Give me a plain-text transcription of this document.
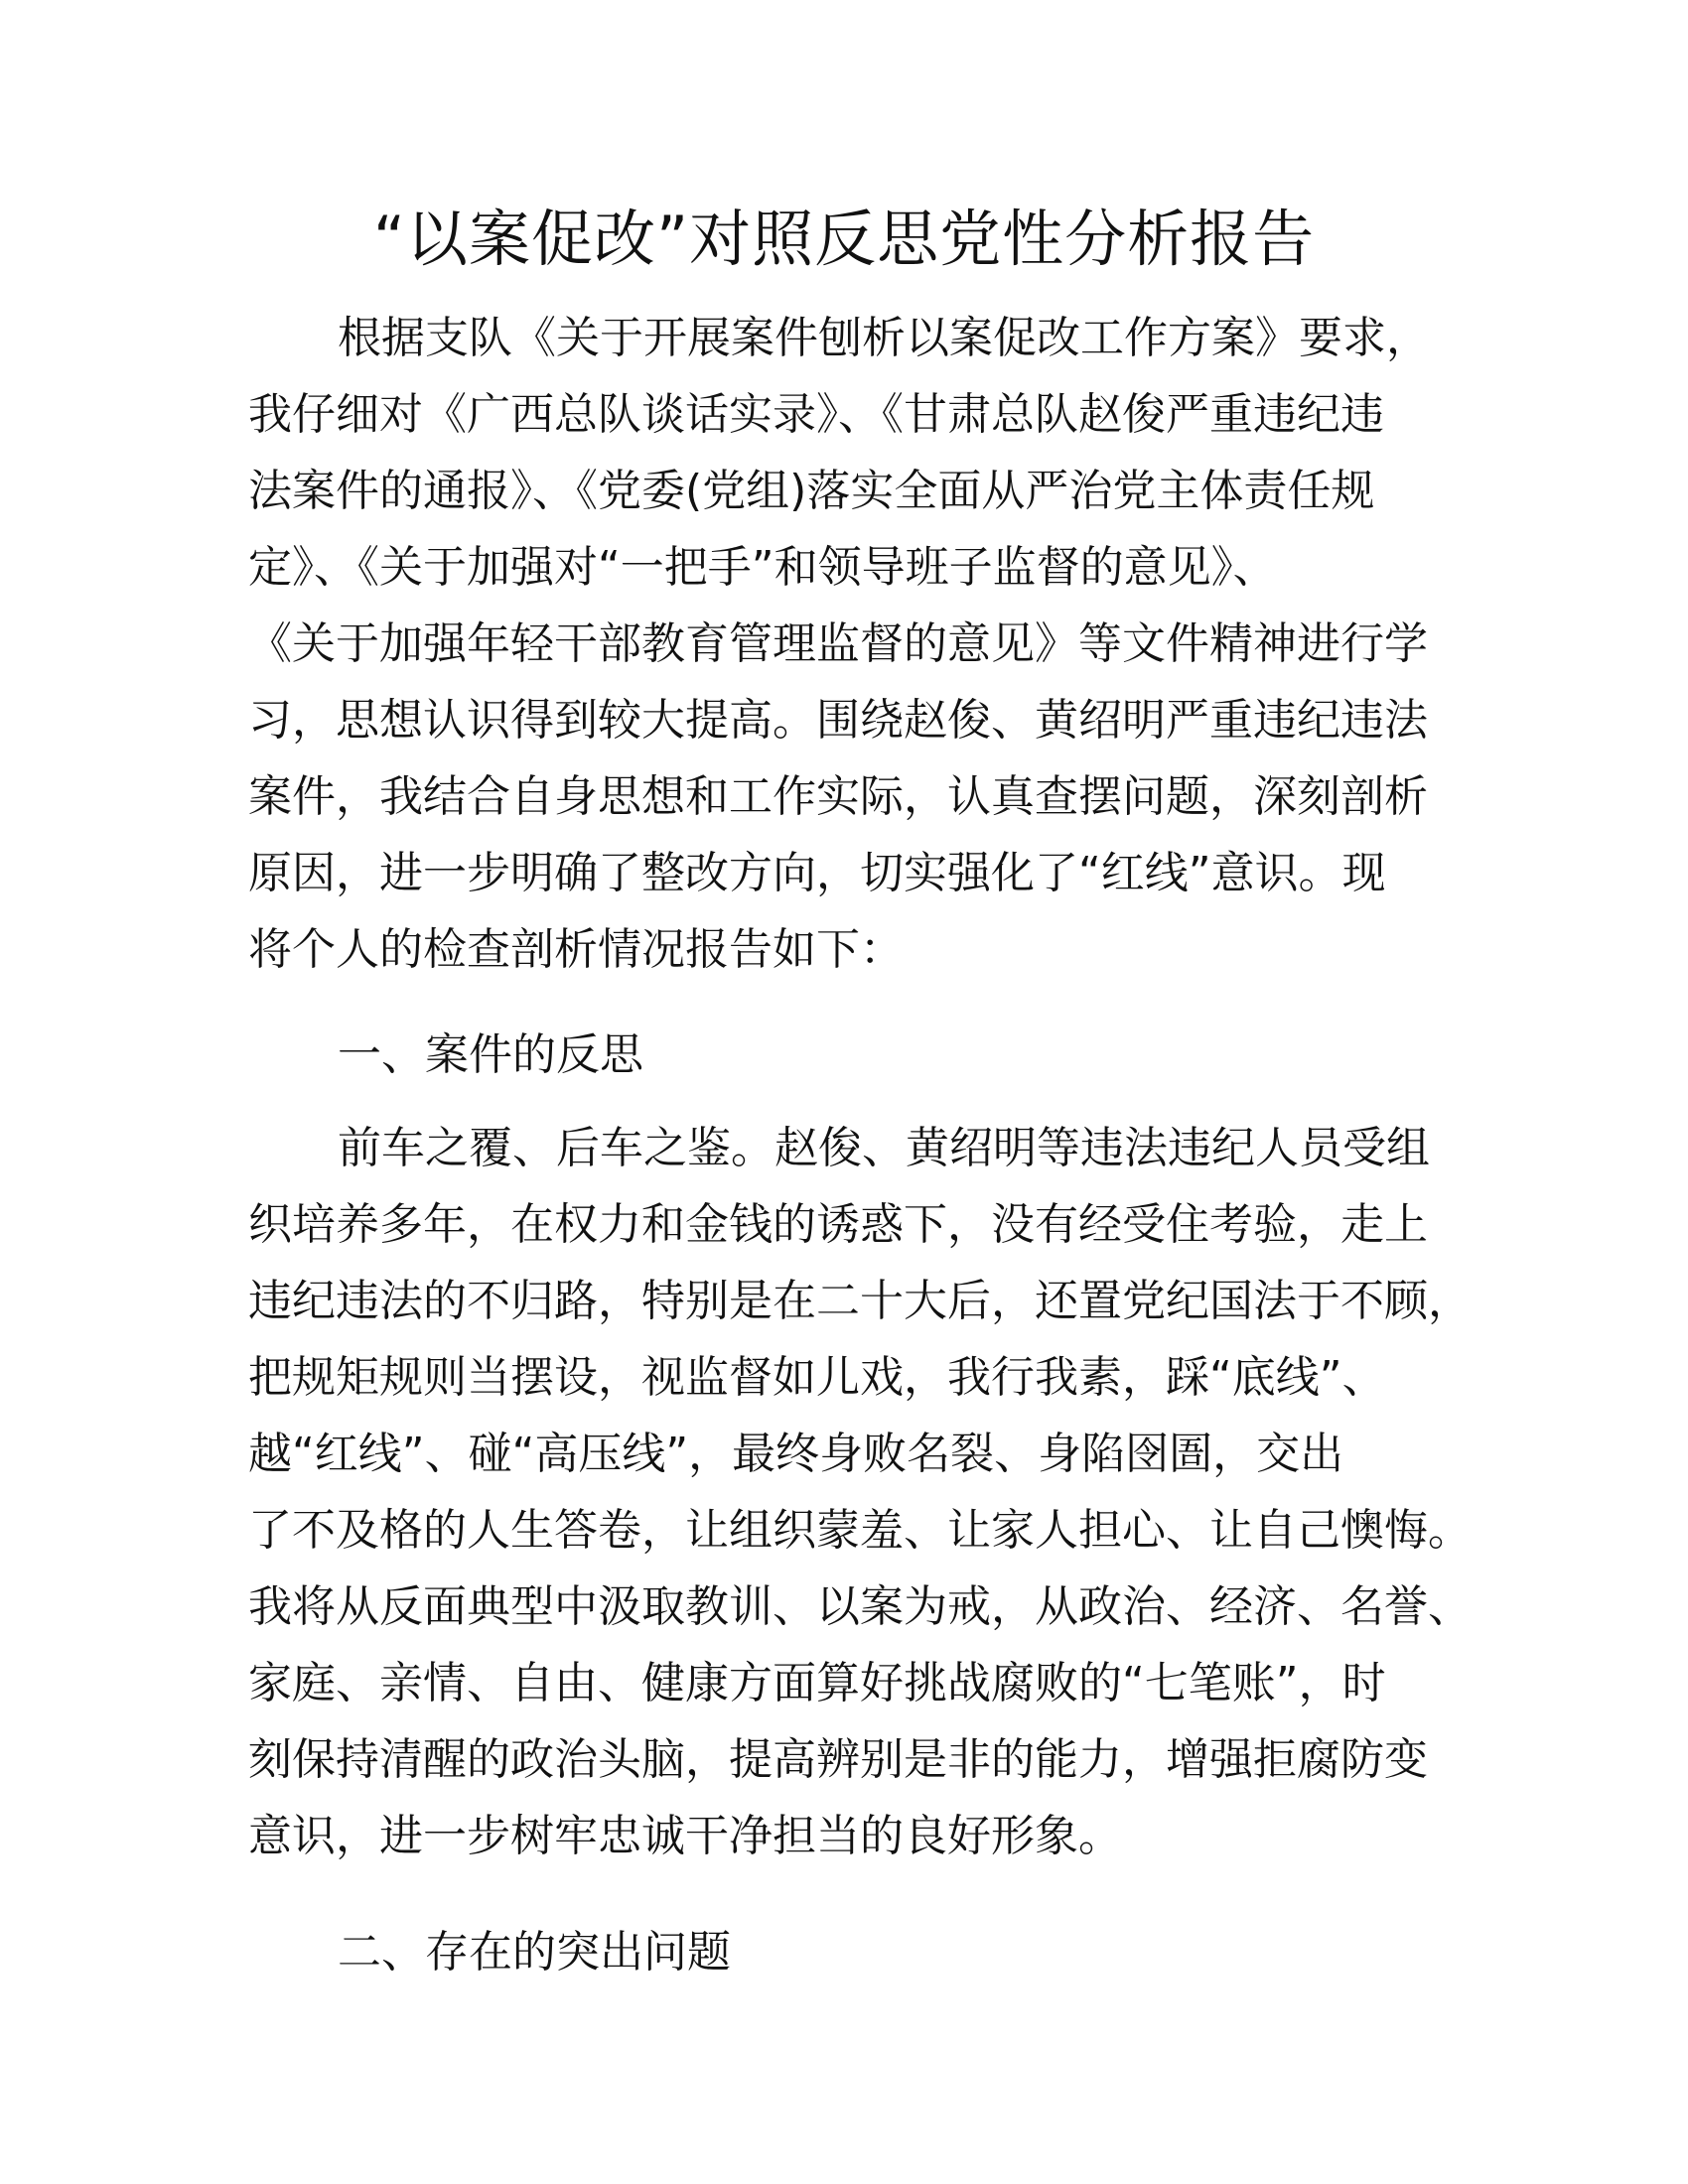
“以案促改”对照反思党性分析报告
根据支队《关于开展案件刨析以案促改工作方案》要求，
我仔细对《广西总队谈话实录》、《甘肃总队赵俊严重违纪违
法案件的通报》、《党委(党组)落实全面从严治党主体责任规
定》、《关于加强对“一把手”和领导班子监督的意见》、
《关于加强年轻干部教育管理监督的意见》等文件精神进行学
习，思想认识得到较大提高。围绕赵俊、黄绍明严重违纪违法
案件，我结合自身思想和工作实际，认真查摆问题，深刻剖析
原因，进一步明确了整改方向，切实强化了“红线”意识。现
将个人的检查剖析情况报告如下：
一、案件的反思
前车之覆、后车之鉴。赵俊、黄绍明等违法违纪人员受组
织培养多年，在权力和金钱的诱惑下，没有经受住考验，走上
违纪违法的不归路，特别是在二十大后，还置党纪国法于不顾，
把规矩规则当摆设，视监督如儿戏，我行我素，踩“底线”、
越“红线”、碰“高压线”，最终身败名裂、身陷囹圄，交出
了不及格的人生答卷，让组织蒙羞、让家人担心、让自己懊悔。
我将从反面典型中汲取教训、以案为戒，从政治、经济、名誉、
家庭、亲情、自由、健康方面算好挑战腐败的“七笔账”，时
刻保持清醒的政治头脑，提高辨别是非的能力，增强拒腐防变
意识，进一步树牢忠诚干净担当的良好形象。
二、存在的突出问题
